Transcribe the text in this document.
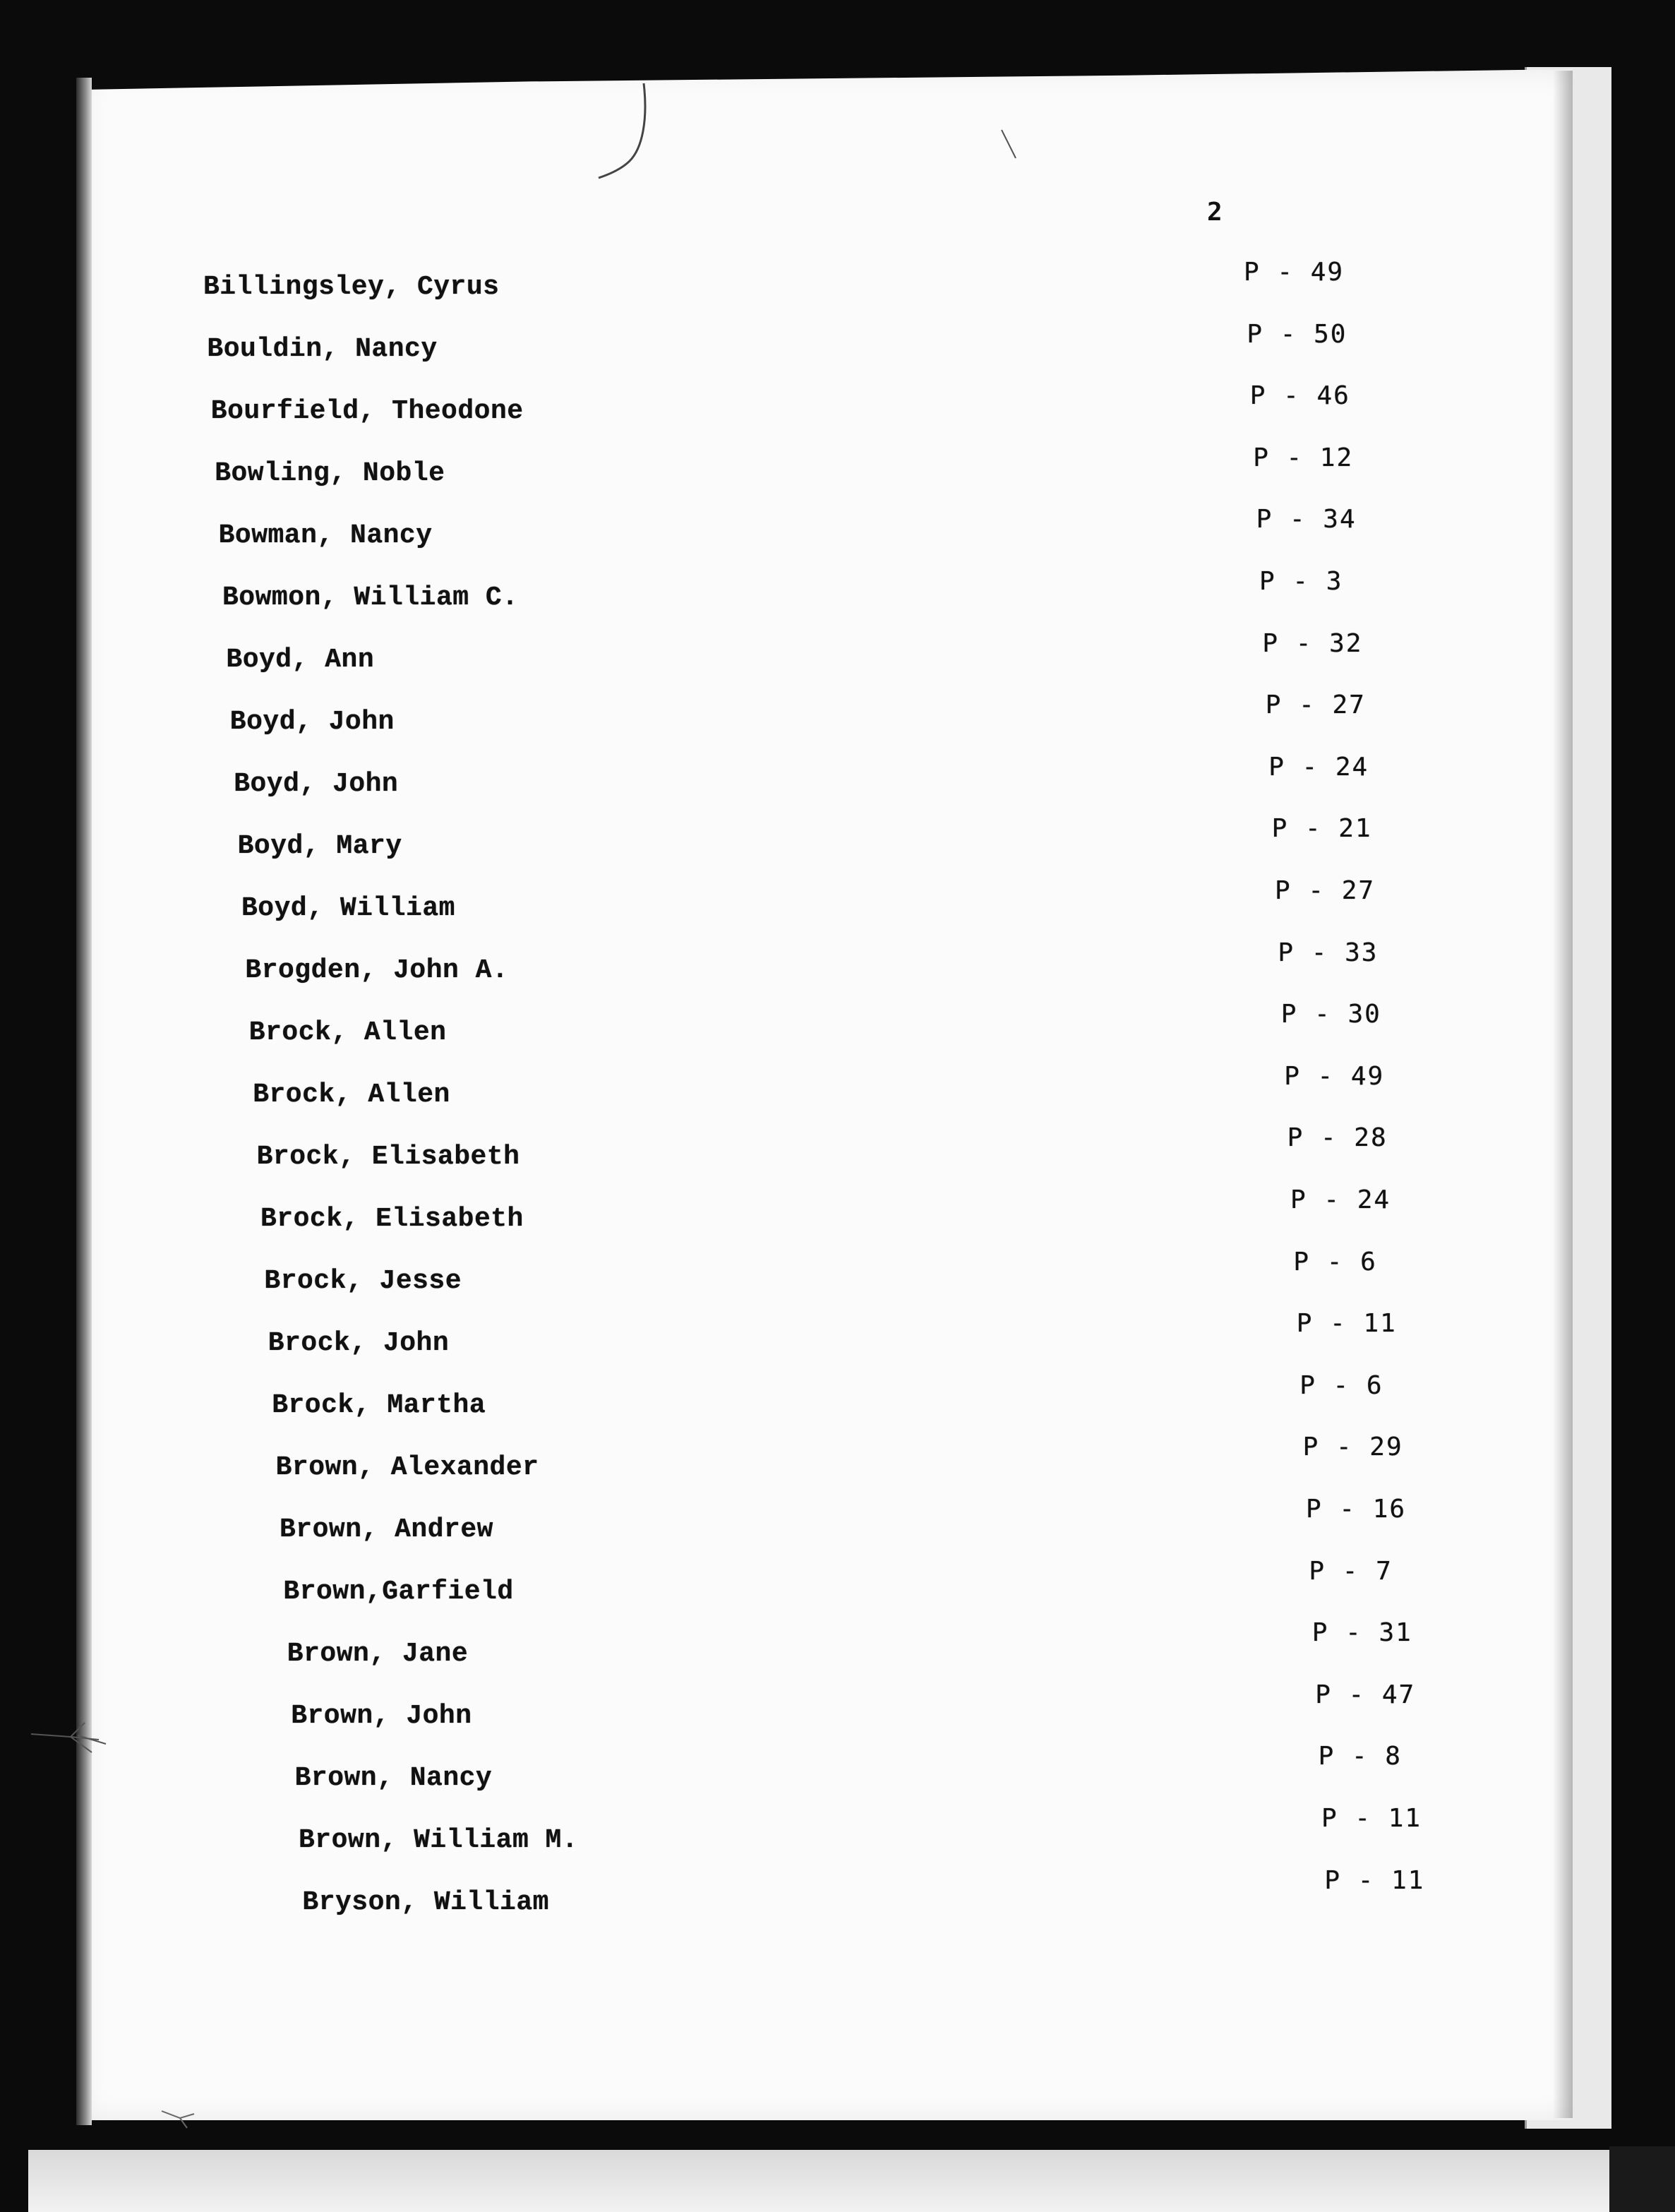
2
Billingsley, Cyrus	P - 49
Bouldin, Nancy	P - 50
Bourfield, Theodone
P - 46
Bowling, Noble
P - 12
Bowman, Nancy
P - 34
Bowmon, William C.
P - 3
Boyd, Ann
P - 32
Boyd, John
P - 27
Boyd, John
P - 24
Boyd, Mary
P - 21
Boyd, William
P - 27
Brogden, John A.
P - 33
Brock, Allen
P - 30
Brock, Allen
P - 49
Brock, Elisabeth
P - 28
Brock, Elisabeth
P - 24
Brock, Jesse
P - 6
Brock, John
P - 11
Brock, Martha
P - 6
Brown, Alexander
P - 29
Brown, Andrew
P - 16
Brown,Garfield
P - 7
Brown, Jane
P - 31
Brown, John
P - 47
Brown, Nancy
P - 8
Brown, William M.
P - 11
Bryson, William
P - 11
